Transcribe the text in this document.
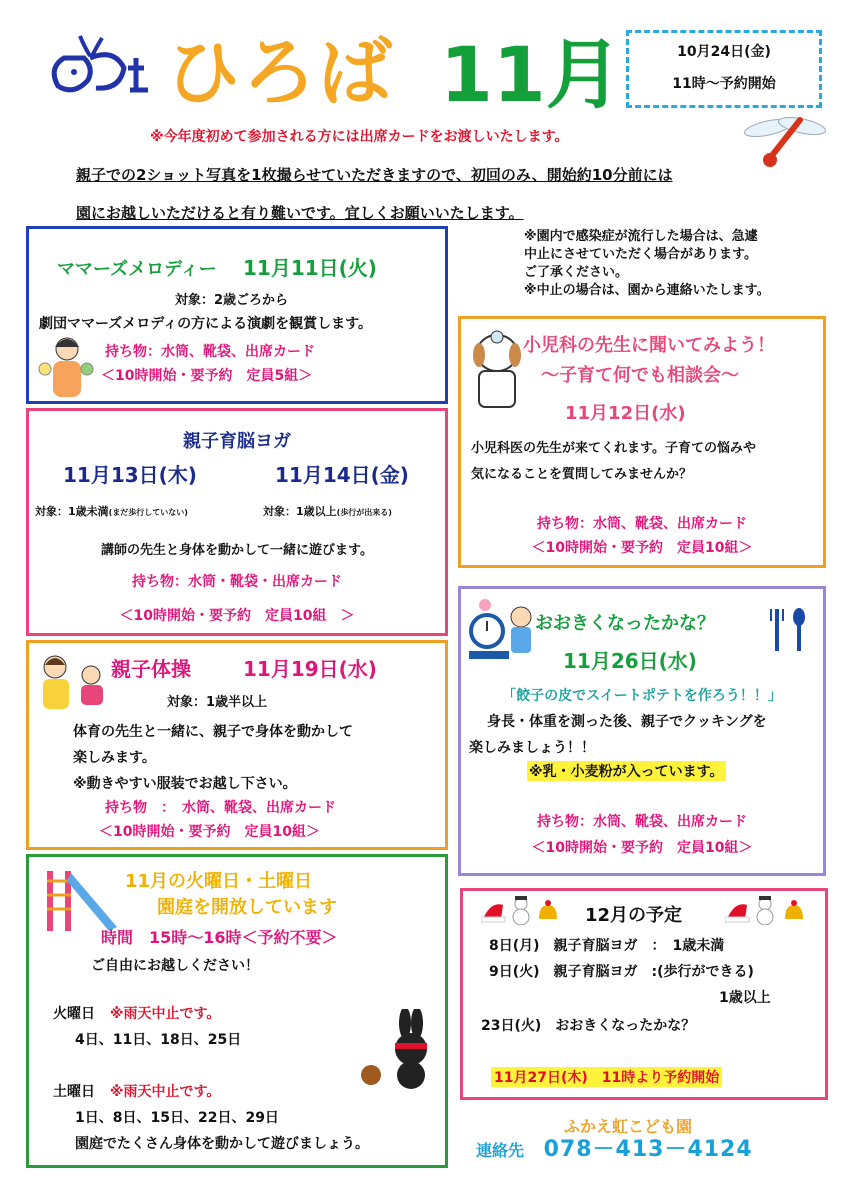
ひろば 11月	10月24日(金)
11時～予約開始
※今年度初めて参加される方には出席カードをお渡しいたします。
親子での2ショット写真を1枚撮らせていただきますので、初回のみ、開始約10分前には
園にお越しいただけると有り難いです。宜しくお願いいたします。
※園内で感染症が流行した場合は、急遽
中止にさせていただく場合があります。
ご了承ください。
※中止の場合は、園から連絡いたします。
ママーズメロディー 11月11日(火)
対象：2歳ごろから
劇団ママーズメロディの方による演劇を観賞します。
持ち物：水筒、靴袋、出席カード
＜10時開始・要予約　定員5組＞
親子育脳ヨガ
11月13日(木)	11月14日(金)
対象：1歳未満(まだ歩行していない)	対象：1歳以上(歩行が出来る)
講師の先生と身体を動かして一緒に遊びます。
持ち物：水筒・靴袋・出席カード
＜10時開始・要予約　定員10組　＞
親子体操	11月19日(水)
対象：1歳半以上
体育の先生と一緒に、親子で身体を動かして
楽しみます。
※動きやすい服装でお越し下さい。
持ち物　：　水筒、靴袋、出席カード
＜10時開始・要予約　定員10組＞
11月の火曜日・土曜日
園庭を開放しています
時間　15時～16時＜予約不要＞
ご自由にお越しください！
火曜日 ※雨天中止です。
4日、11日、18日、25日
土曜日 ※雨天中止です。
1日、8日、15日、22日、29日
園庭でたくさん身体を動かして遊びましょう。
小児科の先生に聞いてみよう！
～子育て何でも相談会～
11月12日(水)
小児科医の先生が来てくれます。子育ての悩みや
気になることを質問してみませんか？
持ち物：水筒、靴袋、出席カード
＜10時開始・要予約　定員10組＞
おおきくなったかな？
11月26日(水)
「餃子の皮でスイートポテトを作ろう！！」
身長・体重を測った後、親子でクッキングを
楽しみましょう！！
※乳・小麦粉が入っています。
持ち物：水筒、靴袋、出席カード
＜10時開始・要予約　定員10組＞
12月の予定
8日(月)　親子育脳ヨガ　：　1歳未満
9日(火)　親子育脳ヨガ　:(歩行ができる)
1歳以上
23日(火)　おおきくなったかな？
11月27日(木)　11時より予約開始
ふかえ虹こども園
連絡先 078－413－4124
